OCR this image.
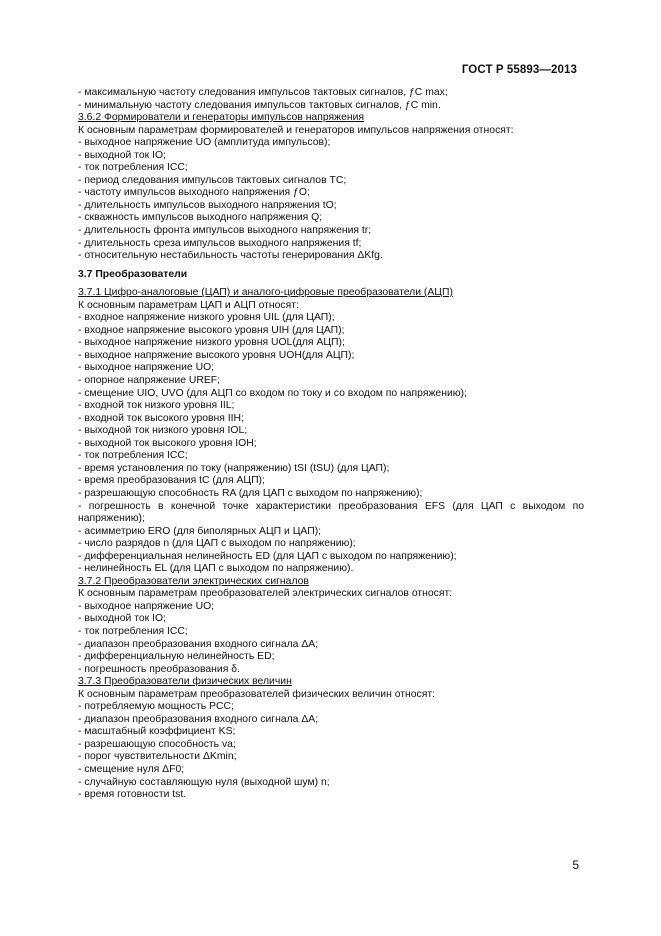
ГОСТ Р 55893—2013
- максимальную частоту следования импульсов тактовых сигналов, ƒC max;
- минимальную частоту следования импульсов тактовых сигналов, ƒC min.
3.6.2 Формирователи и генераторы импульсов напряжения
К основным параметрам формирователей и генераторов импульсов напряжения относят:
- выходное напряжение UO (амплитуда импульсов);
- выходной ток IO;
- ток потребления ICC;
- период следования импульсов тактовых сигналов TC;
- частоту импульсов выходного напряжения ƒO;
- длительность импульсов выходного напряжения tO;
- скважность импульсов выходного напряжения Q;
- длительность фронта импульсов выходного напряжения tr;
- длительность среза импульсов выходного напряжения tf;
- относительную нестабильность частоты генерирования ΔKfg.
3.7 Преобразователи
3.7.1 Цифро-аналоговые (ЦАП) и аналого-цифровые преобразователи (АЦП)
К основным параметрам ЦАП и АЦП относят:
- входное напряжение низкого уровня UIL (для ЦАП);
- входное напряжение высокого уровня UIH (для ЦАП);
- выходное напряжение низкого уровня UOL(для АЦП);
- выходное напряжение высокого уровня UOH(для АЦП);
- выходное напряжение UO;
- опорное напряжение UREF;
- смещение UIO, UVO (для АЦП со входом по току и со входом по напряжению);
- входной ток низкого уровня IIL;
- входной ток высокого уровня IIH;
- выходной ток низкого уровня IOL;
- выходной ток высокого уровня IOH;
- ток потребления ICC;
- время установления по току (напряжению) tSI (tSU) (для ЦАП);
- время преобразования tC (для АЦП);
- разрешающую способность RA (для ЦАП с выходом по напряжению);
- погрешность в конечной точке характеристики преобразования EFS (для ЦАП с выходом по напряжению);
- асимметрию ERO (для биполярных АЦП и ЦАП);
- число разрядов n (для ЦАП с выходом по напряжению);
- дифференциальная нелинейность ED (для ЦАП с выходом по напряжению);
- нелинейность EL (для ЦАП с выходом по напряжению).
3.7.2 Преобразователи электрических сигналов
К основным параметрам преобразователей электрических сигналов относят:
- выходное напряжение UO;
- выходной ток IO;
- ток потребления ICC;
- диапазон преобразования входного сигнала ΔA;
- дифференциальную нелинейность ED;
- погрешность преобразования δ.
3.7.3 Преобразователи физических величин
К основным параметрам преобразователей физических величин относят:
- потребляемую мощность PCC;
- диапазон преобразования входного сигнала ΔA;
- масштабный коэффициент KS;
- разрешающую способность va;
- порог чувствительности ΔKmin;
- смещение нуля ΔF0;
- случайную составляющую нуля (выходной шум) n;
- время готовности tst.
5
